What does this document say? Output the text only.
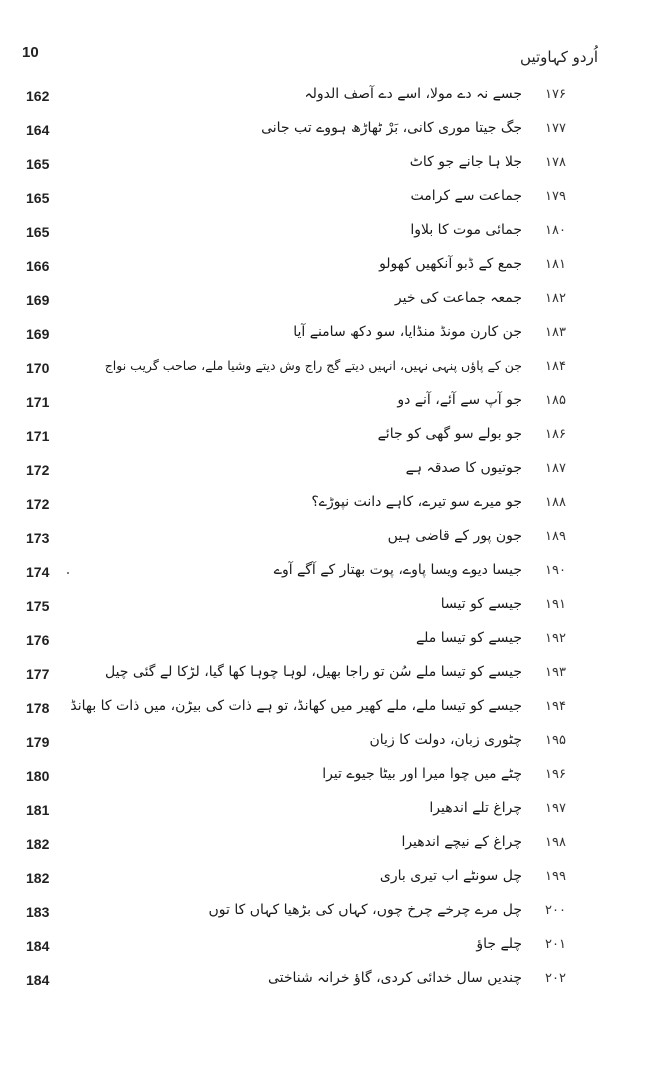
10	اُردو کہاوتیں
162	۱۷۶جسے نہ دے مولا، اسے دے آصف الدولہ
164	۱۷۷جگ جیتا موری کانی، بَرْ ٹھاڑھ ہووے تب جانی
165	۱۷۸جلا ہا جانے جو کاٹ
165	۱۷۹جماعت سے کرامت
165	۱۸۰جمائی موت کا بلاوا
166	۱۸۱جمع کے ڈبو آنکھیں کھولو
169	۱۸۲جمعہ جماعت کی خیر
169	۱۸۳جن کارن مونڈ منڈایا، سو دکھ سامنے آیا
170	۱۸۴جن کے پاؤں پنہی نہیں، انہیں دیتے گج راج وش دیتے وشیا ملے، صاحب گریب نواج
171	۱۸۵جو آپ سے آئے، آنے دو
171	۱۸۶جو بولے سو گھی کو جائے
172	۱۸۷جوتیوں کا صدقہ ہے
172	۱۸۸جو میرے سو تیرے، کاہے دانت نپوڑے؟
173	۱۸۹جون پور کے قاضی ہیں
174	۱۹۰جیسا دیوے ویسا پاوے، پوت بھتار کے آگے آوے
175	۱۹۱جیسے کو تیسا
176	۱۹۲جیسے کو تیسا ملے
177	۱۹۳جیسے کو تیسا ملے سُن تو راجا بھیل، لوہا چوہا کھا گیا، لڑکا لے گئی چیل
178	۱۹۴جیسے کو تیسا ملے، ملے کھیر میں کھانڈ، تو ہے ذات کی بیڑن، میں ذات کا بھانڈ
179	۱۹۵چٹوری زبان، دولت کا زیان
180	۱۹۶چٹے میں چوا میرا اور بیٹا جیوے تیرا
181	۱۹۷چراغ تلے اندھیرا
182	۱۹۸چراغ کے نیچے اندھیرا
182	۱۹۹چل سونٹے اب تیری باری
183	۲۰۰چل مرے چرخے چرخ چوں، کہاں کی بڑھیا کہاں کا توں
184	۲۰۱چلے جاؤ
184	۲۰۲چندیں سال خدائی کردی، گاؤ خرانہ شناختی
